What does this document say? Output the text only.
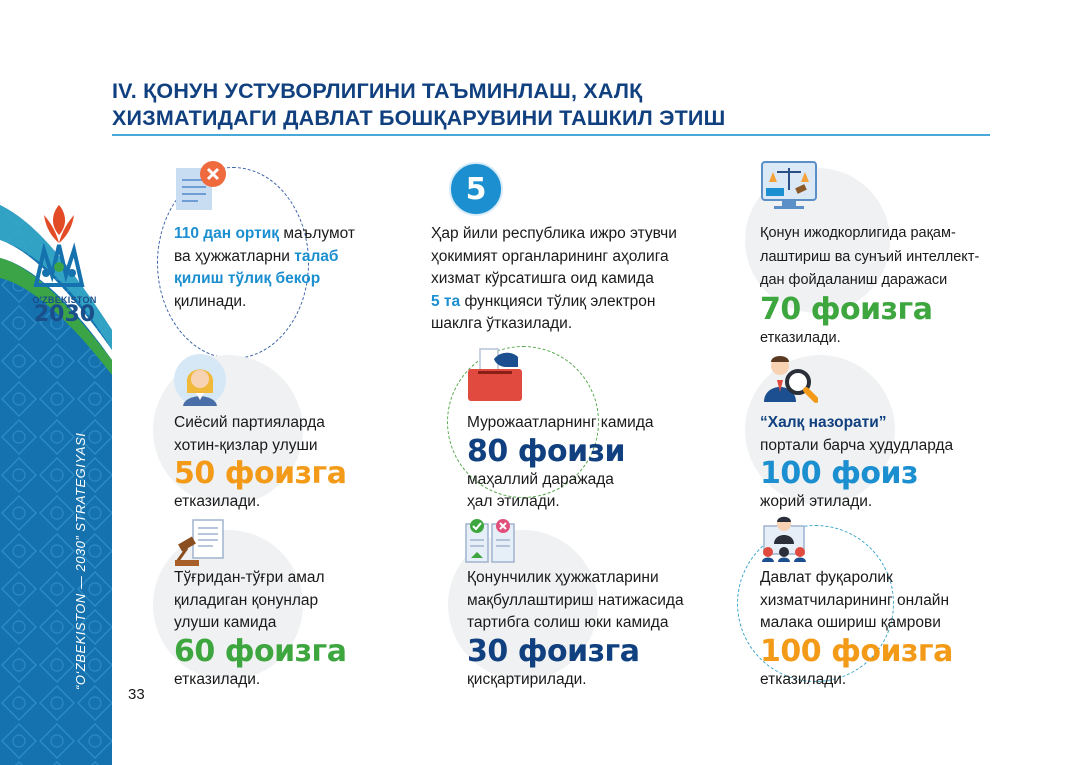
O'ZBEKISTON
2030
“O‘ZBEKISTON — 2030” STRATEGIYASI
33
IV. ҚОНУН УСТУВОРЛИГИНИ ТАЪМИНЛАШ, ХАЛҚ
ХИЗМАТИДАГИ ДАВЛАТ БОШҚАРУВИНИ ТАШКИЛ ЭТИШ
110 дан ортиқ маълумот
ва ҳужжатларни талаб
қилиш тўлиқ бекор
қилинади.
5
Ҳар йили республика ижро этувчи
ҳокимият органларининг аҳолига
хизмат кўрсатишга оид камида
5 та функцияси тўлиқ электрон
шаклга ўтказилади.
Қонун ижодкорлигида рақам-
лаштириш ва сунъий интеллект-
дан фойдаланиш даражаси
70 фоизга
етказилади.
Сиёсий партияларда
хотин-қизлар улуши
50 фоизга
етказилади.
Мурожаатларнинг камида
80 фоизи
маҳаллий даражада
ҳал этилади.
“Халқ назорати”
портали барча ҳудудларда
100 фоиз
жорий этилади.
Тўғридан-тўғри амал
қиладиган қонунлар
улуши камида
60 фоизга
етказилади.
Қонунчилик ҳужжатларини
мақбуллаштириш натижасида
тартибга солиш юки камида
30 фоизга
қисқартирилади.
Давлат фуқаролик
хизматчиларининг онлайн
малака ошириш қамрови
100 фоизга
етказилади.
